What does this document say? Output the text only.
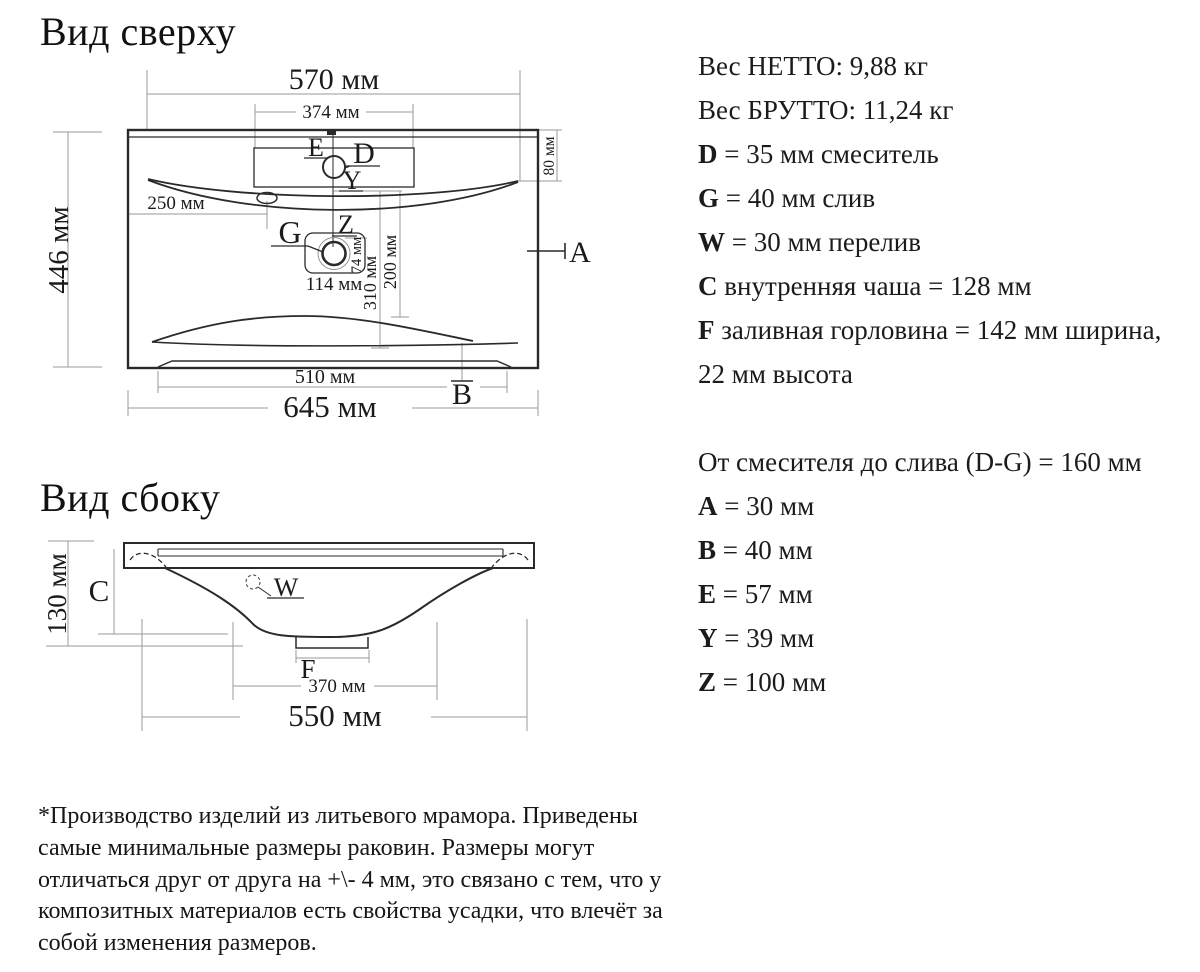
Вид сверху
Вид сбоку
570 мм
374 мм
446 мм
80 мм
250 мм
74 мм
310 мм 200 мм
114 мм
510 мм
645 мм
E D
Y
Z
G
A
B
W
C
F
130 мм
370 мм
550 мм
Вес НЕТТО: 9,88 кг
Вес БРУТТО: 11,24 кг
D = 35 мм смеситель
G = 40 мм слив
W = 30 мм перелив
C внутренняя чаша = 128 мм
F заливная горловина = 142 мм ширина,
22 мм высота
От смесителя до слива (D-G) = 160 мм
A = 30 мм
B = 40 мм
E = 57 мм
Y = 39 мм
Z = 100 мм
*Производство изделий из литьевого мрамора. Приведены
самые минимальные размеры раковин. Размеры могут
отличаться друг от друга на +\- 4 мм, это связано с тем, что у
композитных материалов есть свойства усадки, что влечёт за
собой изменения размеров.
